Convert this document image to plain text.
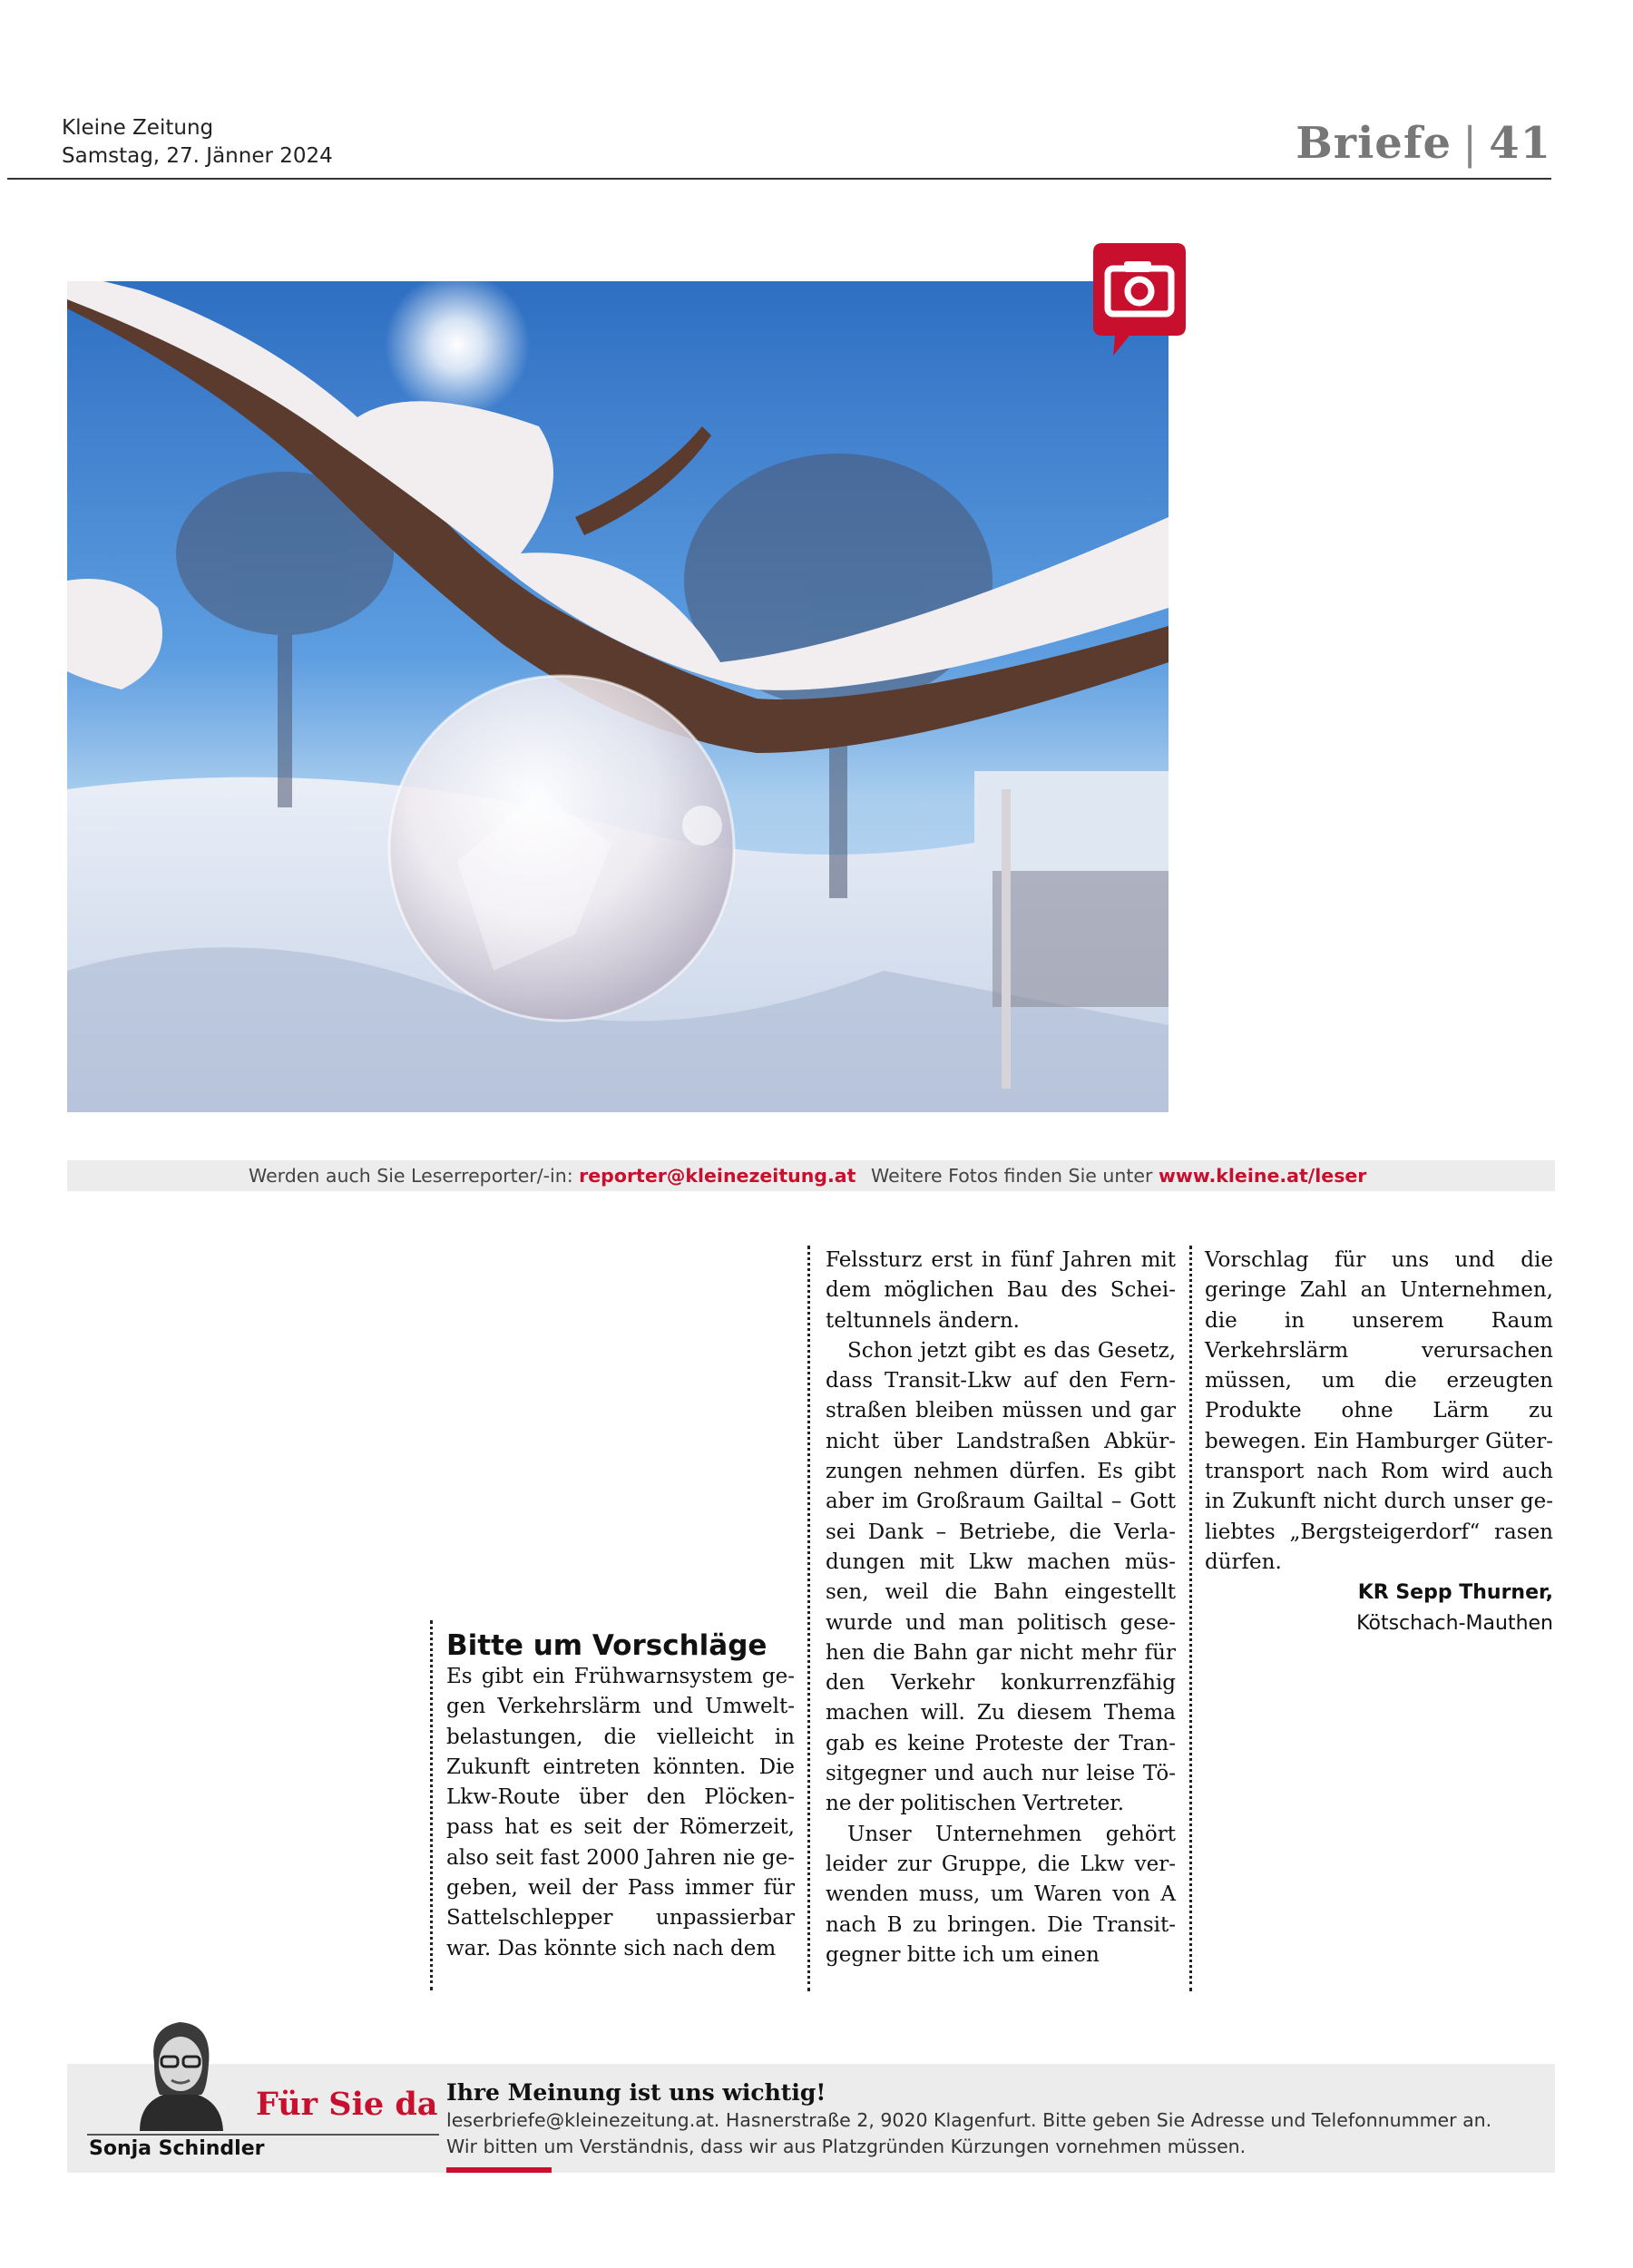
Kleine Zeitung
Samstag, 27. Jänner 2024	Briefe | 41
Werden auch Sie Leserreporter/-in: reporter@kleinezeitung.at Weitere Fotos finden Sie unter www.kleine.at/leser
Bitte um Vorschläge

Es gibt ein Frühwarnsystem gegen Verkehrslärm und Umweltbelastungen, die vielleicht in Zukunft eintreten könnten. Die Lkw-Route über den Plöckenpass hat es seit der Römerzeit, also seit fast 2000 Jahren nie gegeben, weil der Pass immer für Sattelschlepper unpassierbar war. Das könnte sich nach dem

Felssturz erst in fünf Jahren mit dem möglichen Bau des Scheiteltunnels ändern.

Schon jetzt gibt es das Gesetz, dass Transit-Lkw auf den Fernstraßen bleiben müssen und gar nicht über Landstraßen Abkürzungen nehmen dürfen. Es gibt aber im Großraum Gailtal – Gott sei Dank – Betriebe, die Verladungen mit Lkw machen müssen, weil die Bahn eingestellt wurde und man politisch gesehen die Bahn gar nicht mehr für den Verkehr konkurrenzfähig machen will. Zu diesem Thema gab es keine Proteste der Transitgegner und auch nur leise Töne der politischen Vertreter.

Unser Unternehmen gehört leider zur Gruppe, die Lkw verwenden muss, um Waren von A nach B zu bringen. Die Transitgegner bitte ich um einen

Vorschlag für uns und die geringe Zahl an Unternehmen, die in unserem Raum Verkehrslärm verursachen müssen, um die erzeugten Produkte ohne Lärm zu bewegen. Ein Hamburger Gütertransport nach Rom wird auch in Zukunft nicht durch unser geliebtes „Bergsteigerdorf“ rasen dürfen.

KR Sepp Thurner,
Kötschach-Mauthen
Für Sie da
Sonja Schindler
Ihre Meinung ist uns wichtig!
leserbriefe@kleinezeitung.at. Hasnerstraße 2, 9020 Klagenfurt. Bitte geben Sie Adresse und Telefonnummer an.
Wir bitten um Verständnis, dass wir aus Platzgründen Kürzungen vornehmen müssen.
